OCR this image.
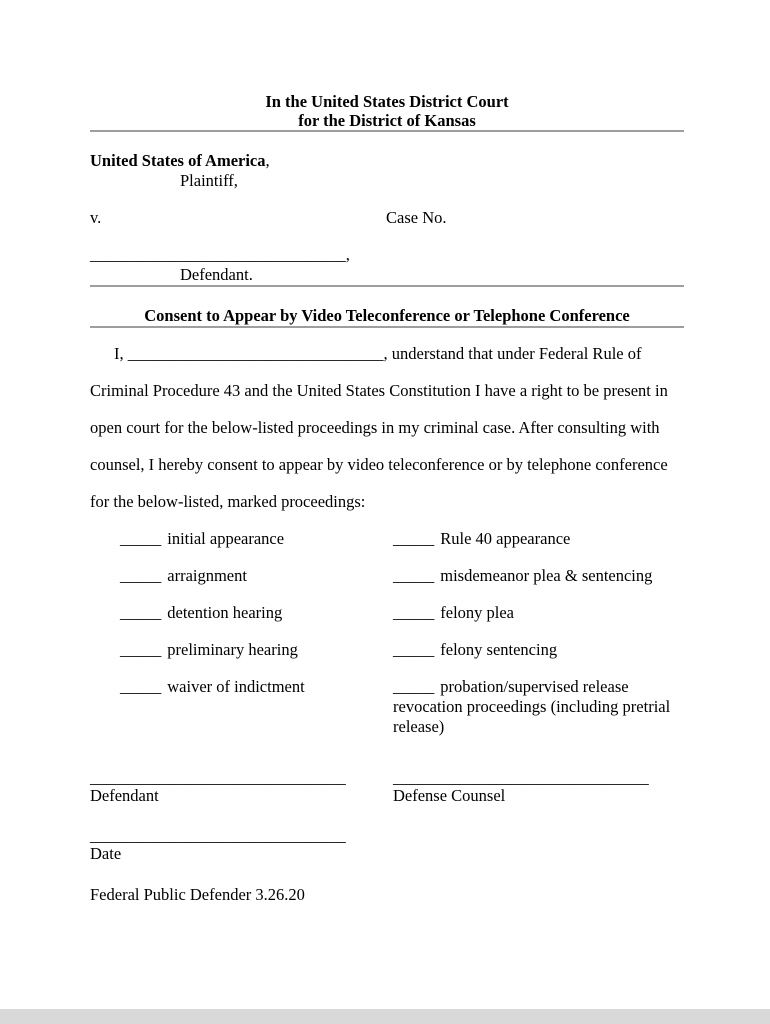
In the United States District Court
for the District of Kansas
United States of America,
Plaintiff,
v.	Case No.
_______________________________,
Defendant.
Consent to Appear by Video Teleconference or Telephone Conference

I, _______________________________, understand that under Federal Rule of Criminal Procedure 43 and the United States Constitution I have a right to be present in open court for the below-listed proceedings in my criminal case. After consulting with counsel, I hereby consent to appear by video teleconference or by telephone conference for the below-listed, marked proceedings:

_____ initial appearance	_____ Rule 40 appearance
_____ arraignment	_____ misdemeanor plea & sentencing
_____ detention hearing	_____ felony plea
_____ preliminary hearing	_____ felony sentencing
_____ waiver of indictment	_____ probation/supervised release revocation proceedings (including pretrial release)
_______________________________
Defendant
_______________________________
Defense Counsel
_______________________________
Date
Federal Public Defender 3.26.20
